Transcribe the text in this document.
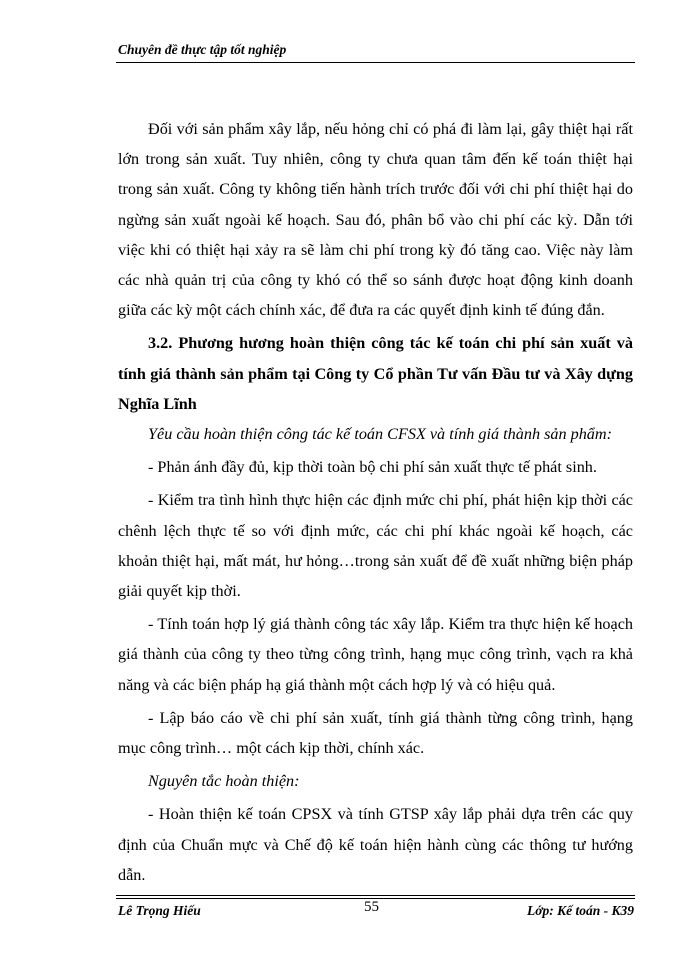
Chuyên đề thực tập tốt nghiệp

Đối với sản phẩm xây lắp, nếu hỏng chỉ có phá đi làm lại, gây thiệt hại rất lớn trong sản xuất. Tuy nhiên, công ty chưa quan tâm đến kế toán thiệt hại trong sản xuất. Công ty không tiến hành trích trước đối với chi phí thiệt hại do ngừng sản xuất ngoài kế hoạch. Sau đó, phân bổ vào chi phí các kỳ. Dẫn tới việc khi có thiệt hại xảy ra sẽ làm chi phí trong kỳ đó tăng cao. Việc này làm các nhà quản trị của công ty khó có thể so sánh được hoạt động kinh doanh giữa các kỳ một cách chính xác, để đưa ra các quyết định kinh tế đúng đắn.

3.2. Phương hương hoàn thiện công tác kế toán chi phí sản xuất và tính giá thành sản phẩm tại Công ty Cổ phần Tư vấn Đầu tư và Xây dựng Nghĩa Lĩnh

Yêu cầu hoàn thiện công tác kế toán CFSX và tính giá thành sản phẩm:

- Phản ánh đầy đủ, kịp thời toàn bộ chi phí sản xuất thực tế phát sinh.

- Kiểm tra tình hình thực hiện các định mức chi phí, phát hiện kịp thời các chênh lệch thực tế so với định mức, các chi phí khác ngoài kế hoạch, các khoản thiệt hại, mất mát, hư hỏng…trong sản xuất để đề xuất những biện pháp giải quyết kịp thời.

- Tính toán hợp lý giá thành công tác xây lắp. Kiểm tra thực hiện kế hoạch giá thành của công ty theo từng công trình, hạng mục công trình, vạch ra khả năng và các biện pháp hạ giá thành một cách hợp lý và có hiệu quả.

- Lập báo cáo về chi phí sản xuất, tính giá thành từng công trình, hạng mục công trình… một cách kịp thời, chính xác.

Nguyên tắc hoàn thiện:

- Hoàn thiện kế toán CPSX và tính GTSP xây lắp phải dựa trên các quy định của Chuẩn mực và Chế độ kế toán hiện hành cùng các thông tư hướng dẫn.

Lê Trọng Hiếu	55	Lớp: Kế toán - K39
